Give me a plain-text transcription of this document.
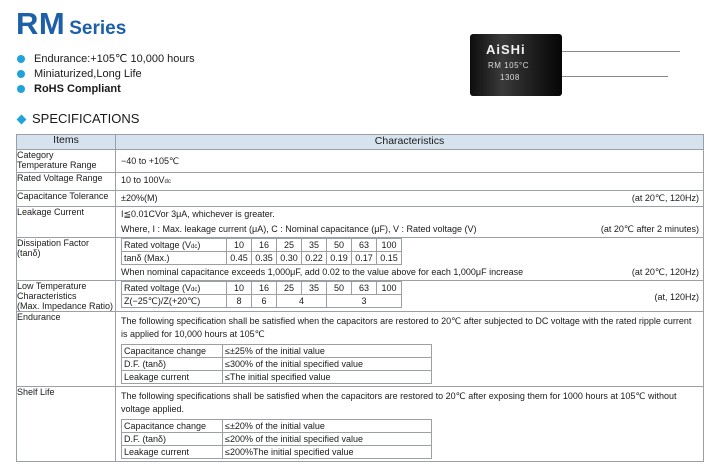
RM Series
Endurance:+105℃ 10,000 hours
Miniaturized,Long Life
RoHS Compliant
AiSHi
RM 105°C
1308
SPECIFICATIONS
Items	Characteristics

Category
Temperature Range	−40 to +105℃

Rated Voltage Range	10 to 100Vdc

Capacitance Tolerance	±20%(M)	(at 20℃, 120Hz)

Leakage Current	I≦0.01CVor 3μA, whichever is greater.
Where, I : Max. leakage current (μA), C : Nominal capacitance (μF), V : Rated voltage (V)	(at 20℃ after 2 minutes)

Dissipation Factor
(tanδ)

Rated voltage (Vdc)	10	16	25	35	50	63	100
tanδ (Max.)	0.45	0.35	0.30	0.22	0.19	0.17	0.15
When nominal capacitance exceeds 1,000μF, add 0.02 to the value above for each 1,000μF increase	(at 20℃, 120Hz)

Low Temperature
Characteristics
(Max. Impedance Ratio)

Rated voltage (Vdc)	10	16	25	35	50	63	100
Z(−25℃)/Z(+20℃)	8	6	4	3	(at, 120Hz)

Endurance	The following specification shall be satisfied when the capacitors are restored to 20℃ after subjected to DC voltage with the rated ripple current is applied for 10,000 hours at 105℃
Capacitance change	≤±25% of the initial value
D.F. (tanδ)	≤300% of the initial specified value
Leakage current	≤The initial specified value

Shelf Life	The following specifications shall be satisfied when the capacitors are restored to 20℃ after exposing them for 1000 hours at 105℃ without voltage applied.
Capacitance change	≤±20% of the initial value
D.F. (tanδ)	≤200% of the initial specified value
Leakage current	≤200%The initial specified value
